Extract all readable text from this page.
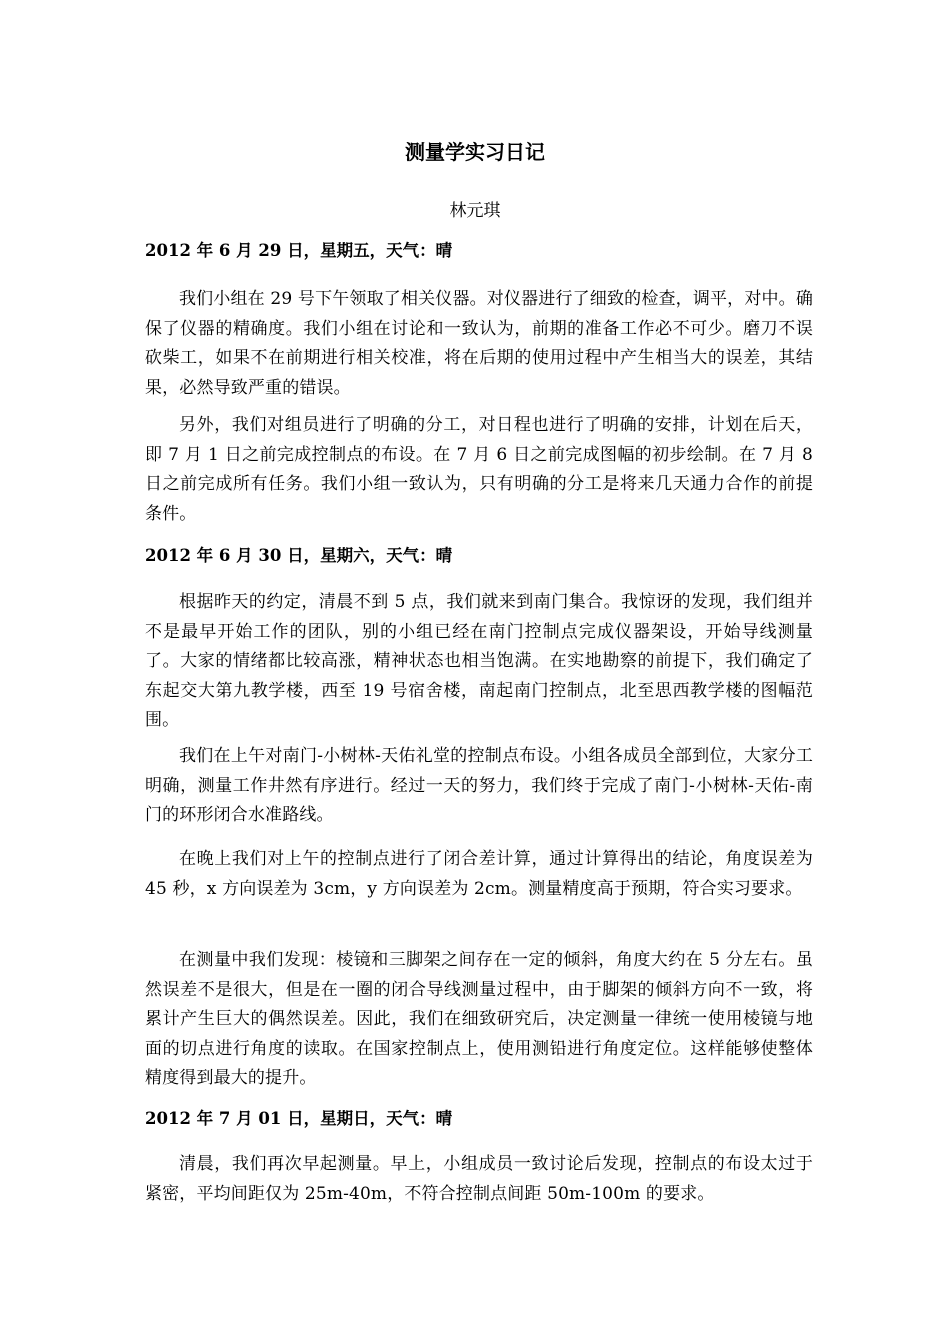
测量学实习日记
林元琪
2012 年 6 月 29 日，星期五，天气：晴
我们小组在 29 号下午领取了相关仪器。对仪器进行了细致的检查，调平，对中。确保了仪器的精确度。我们小组在讨论和一致认为，前期的准备工作必不可少。磨刀不误砍柴工，如果不在前期进行相关校准，将在后期的使用过程中产生相当大的误差，其结果，必然导致严重的错误。
另外，我们对组员进行了明确的分工，对日程也进行了明确的安排，计划在后天，即 7 月 1 日之前完成控制点的布设。在 7 月 6 日之前完成图幅的初步绘制。在 7 月 8 日之前完成所有任务。我们小组一致认为，只有明确的分工是将来几天通力合作的前提条件。
2012 年 6 月 30 日，星期六，天气：晴
根据昨天的约定，清晨不到 5 点，我们就来到南门集合。我惊讶的发现，我们组并不是最早开始工作的团队，别的小组已经在南门控制点完成仪器架设，开始导线测量了。大家的情绪都比较高涨，精神状态也相当饱满。在实地勘察的前提下，我们确定了东起交大第九教学楼，西至 19 号宿舍楼，南起南门控制点，北至思西教学楼的图幅范围。
我们在上午对南门-小树林-天佑礼堂的控制点布设。小组各成员全部到位，大家分工明确，测量工作井然有序进行。经过一天的努力，我们终于完成了南门-小树林-天佑-南门的环形闭合水准路线。
在晚上我们对上午的控制点进行了闭合差计算，通过计算得出的结论，角度误差为 45 秒，x 方向误差为 3cm，y 方向误差为 2cm。测量精度高于预期，符合实习要求。
在测量中我们发现：棱镜和三脚架之间存在一定的倾斜，角度大约在 5 分左右。虽然误差不是很大，但是在一圈的闭合导线测量过程中，由于脚架的倾斜方向不一致，将累计产生巨大的偶然误差。因此，我们在细致研究后，决定测量一律统一使用棱镜与地面的切点进行角度的读取。在国家控制点上，使用测铅进行角度定位。这样能够使整体精度得到最大的提升。
2012 年 7 月 01 日，星期日，天气：晴
清晨，我们再次早起测量。早上，小组成员一致讨论后发现，控制点的布设太过于紧密，平均间距仅为 25m-40m，不符合控制点间距 50m-100m 的要求。
